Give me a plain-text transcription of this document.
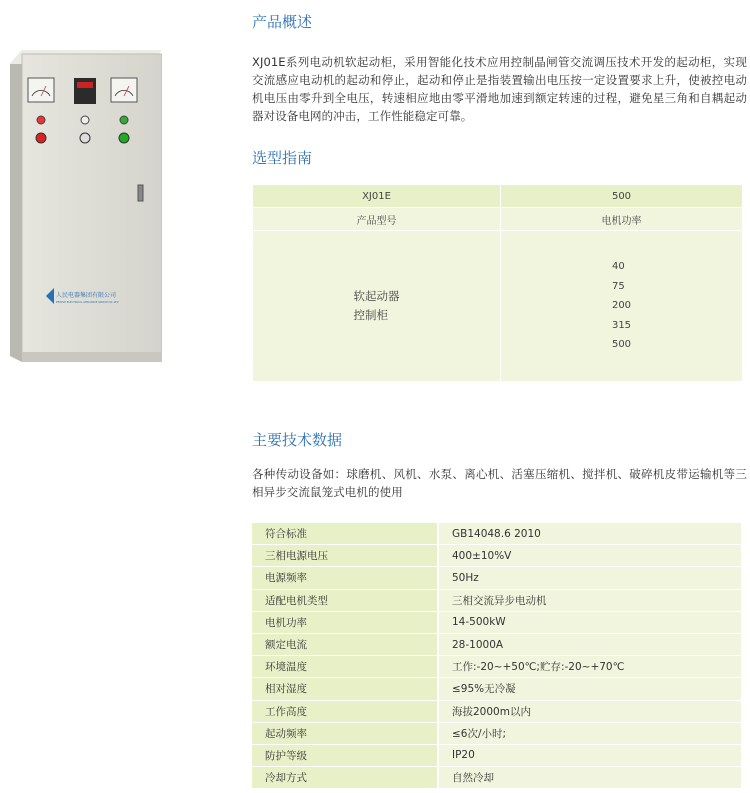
人民电器集团有限公司
PEOPLE ELECTRICAL APPLIANCE GROUP CO.,LTD
产品概述

XJ01E系列电动机软起动柜，采用智能化技术应用控制晶闸管交流调压技术开发的起动柜，实现交流感应电动机的起动和停止，起动和停止是指装置输出电压按一定设置要求上升，使被控电动机电压由零升到全电压，转速相应地由零平滑地加速到额定转速的过程，避免星三角和自耦起动器对设备电网的冲击，工作性能稳定可靠。

选型指南
XJ01E	500
产品型号	电机功率
软起动器
控制柜	40
75
200
315
500
主要技术数据

各种传动设备如：球磨机、风机、水泵、离心机、活塞压缩机、搅拌机、破碎机皮带运输机等三相异步交流鼠笼式电机的使用

符合标准	GB14048.6 2010
三相电源电压	400±10%V
电源频率	50Hz
适配电机类型	三相交流异步电动机
电机功率	14-500kW
额定电流	28-1000A
环境温度	工作:-20~+50℃;贮存:-20~+70℃
相对湿度	≤95%无冷凝
工作高度	海拔2000m以内
起动频率	≤6次/小时;
防护等级	IP20
冷却方式	自然冷却
